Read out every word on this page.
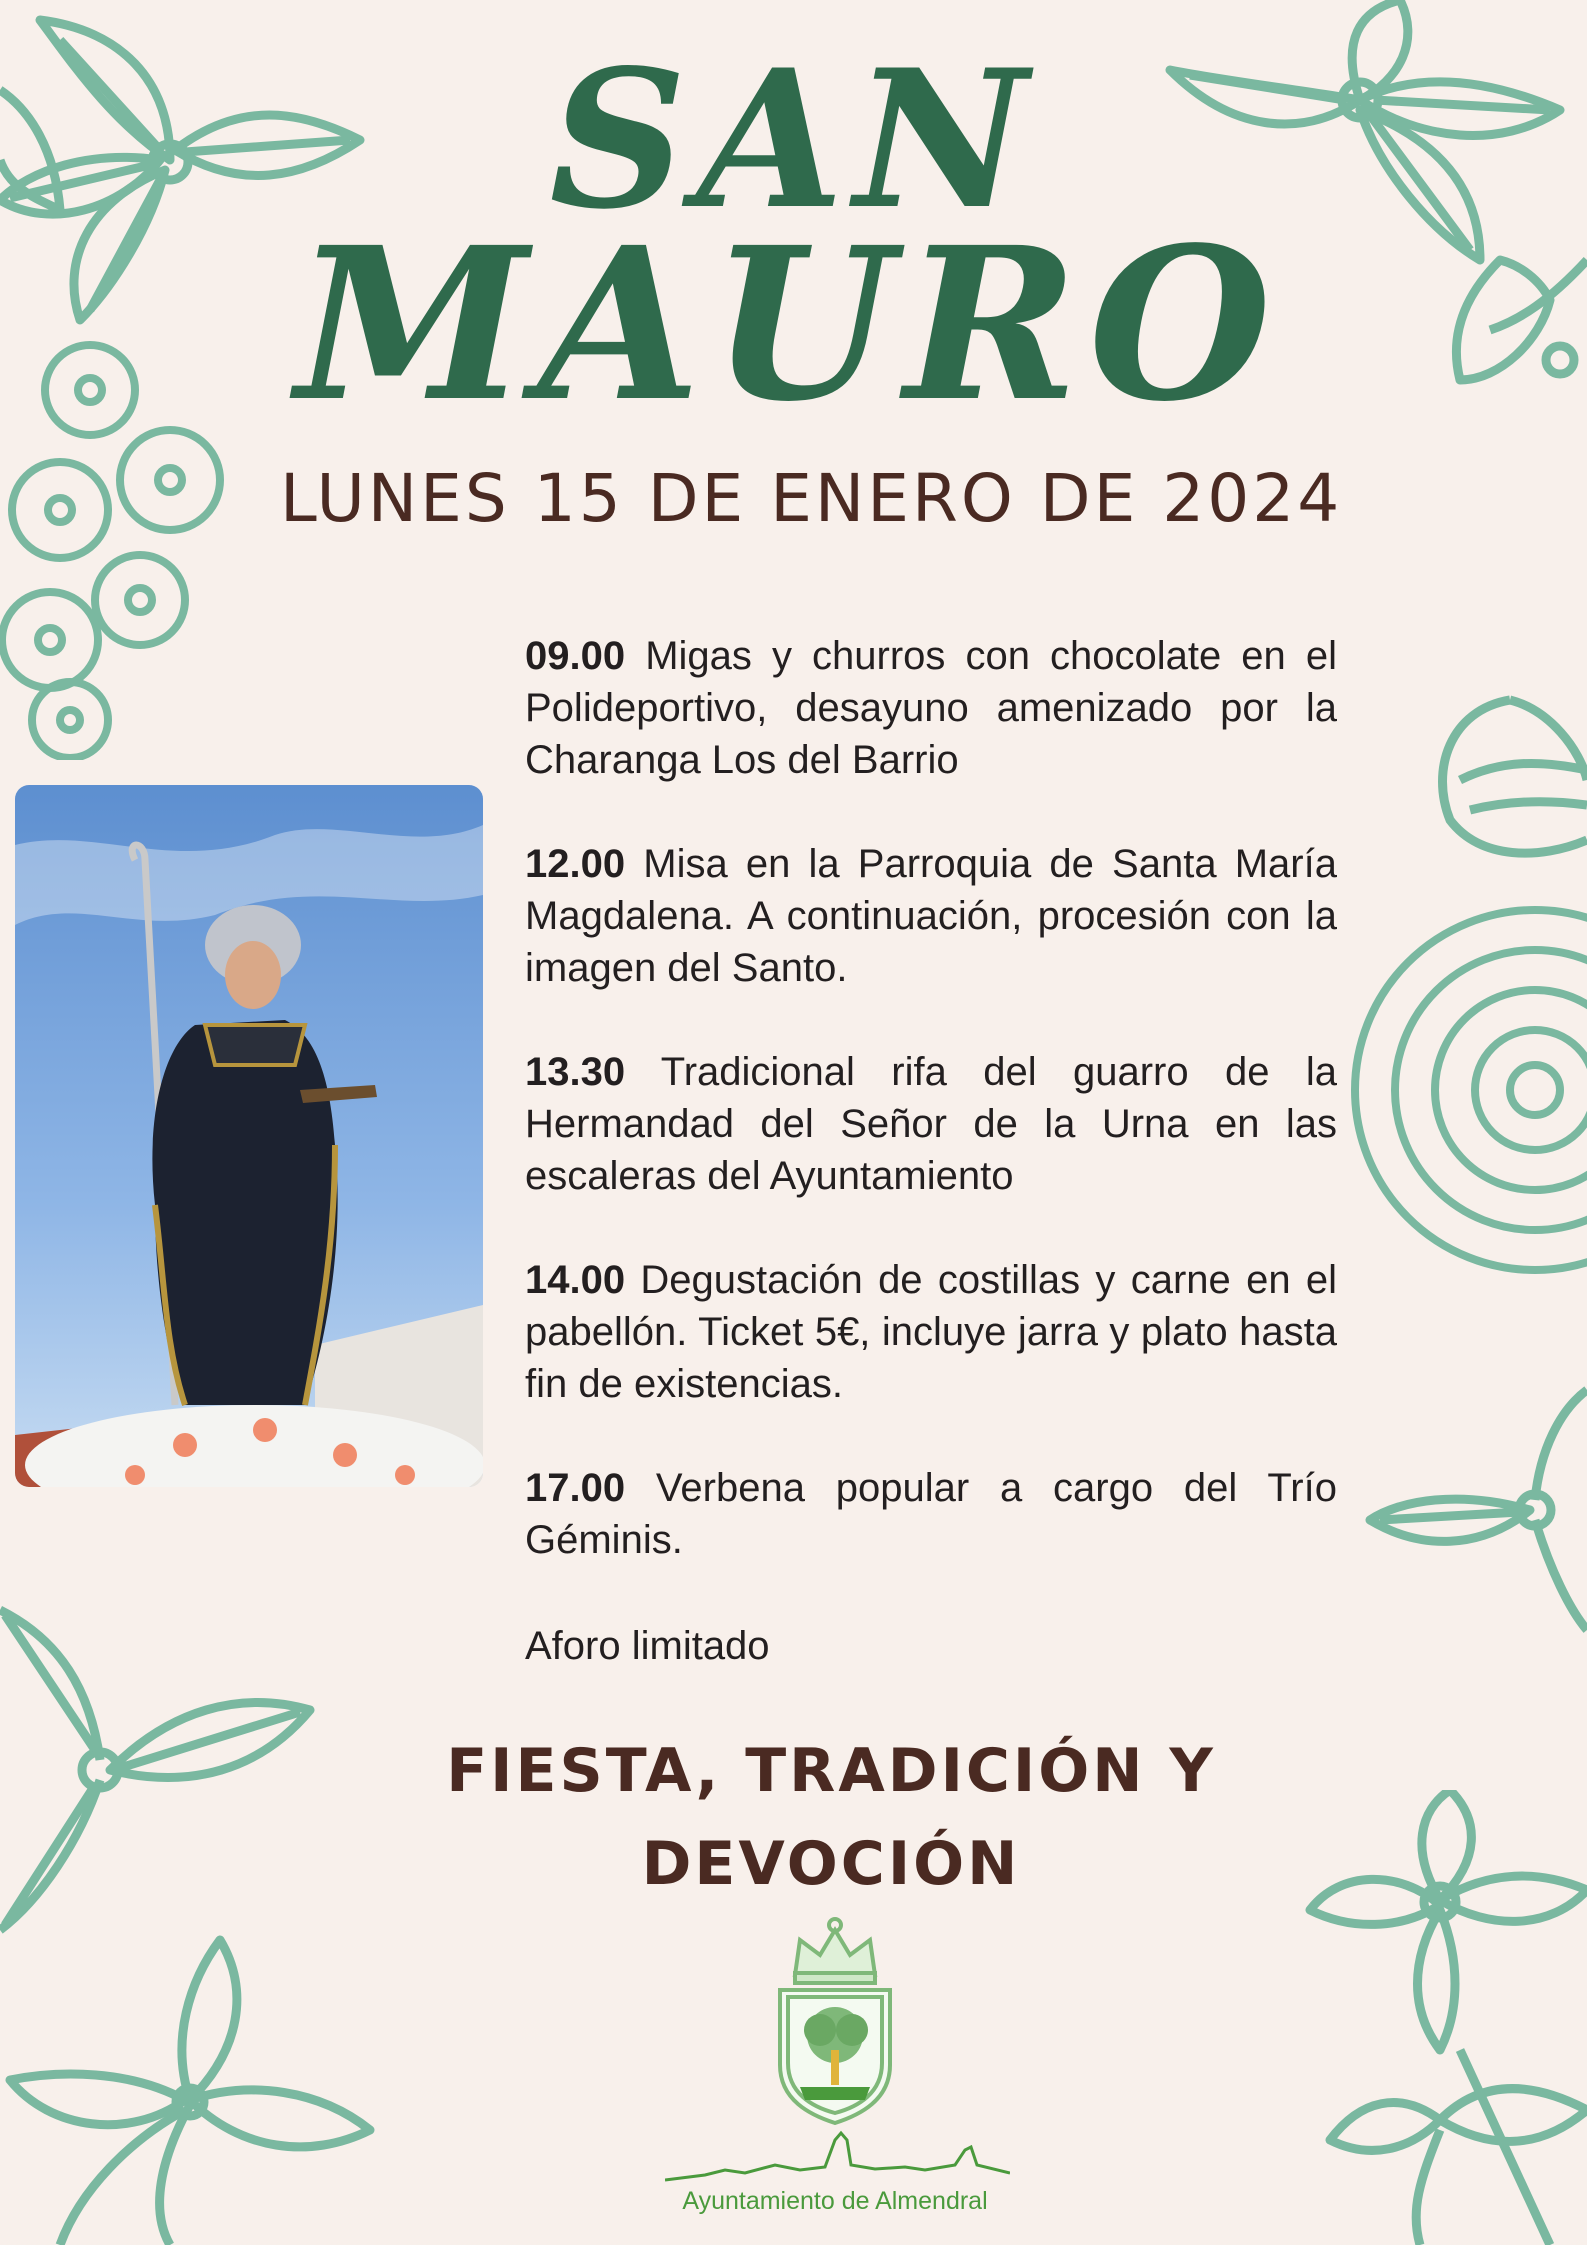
SAN
MAURO
LUNES 15 DE ENERO DE 2024

09.00 Migas y churros con chocolate en el Polideportivo, desayuno amenizado por la Charanga Los del Barrio

12.00 Misa en la Parroquia de Santa María Magdalena. A continuación, procesión con la imagen del Santo.

13.30 Tradicional rifa del guarro de la Hermandad del Señor de la Urna en las escaleras del Ayuntamiento

14.00 Degustación de costillas y carne en el pabellón. Ticket 5€, incluye jarra y plato hasta fin de existencias.

17.00 Verbena popular a cargo del Trío Géminis.

Aforo limitado
FIESTA, TRADICIÓN Y
DEVOCIÓN
Ayuntamiento de Almendral
